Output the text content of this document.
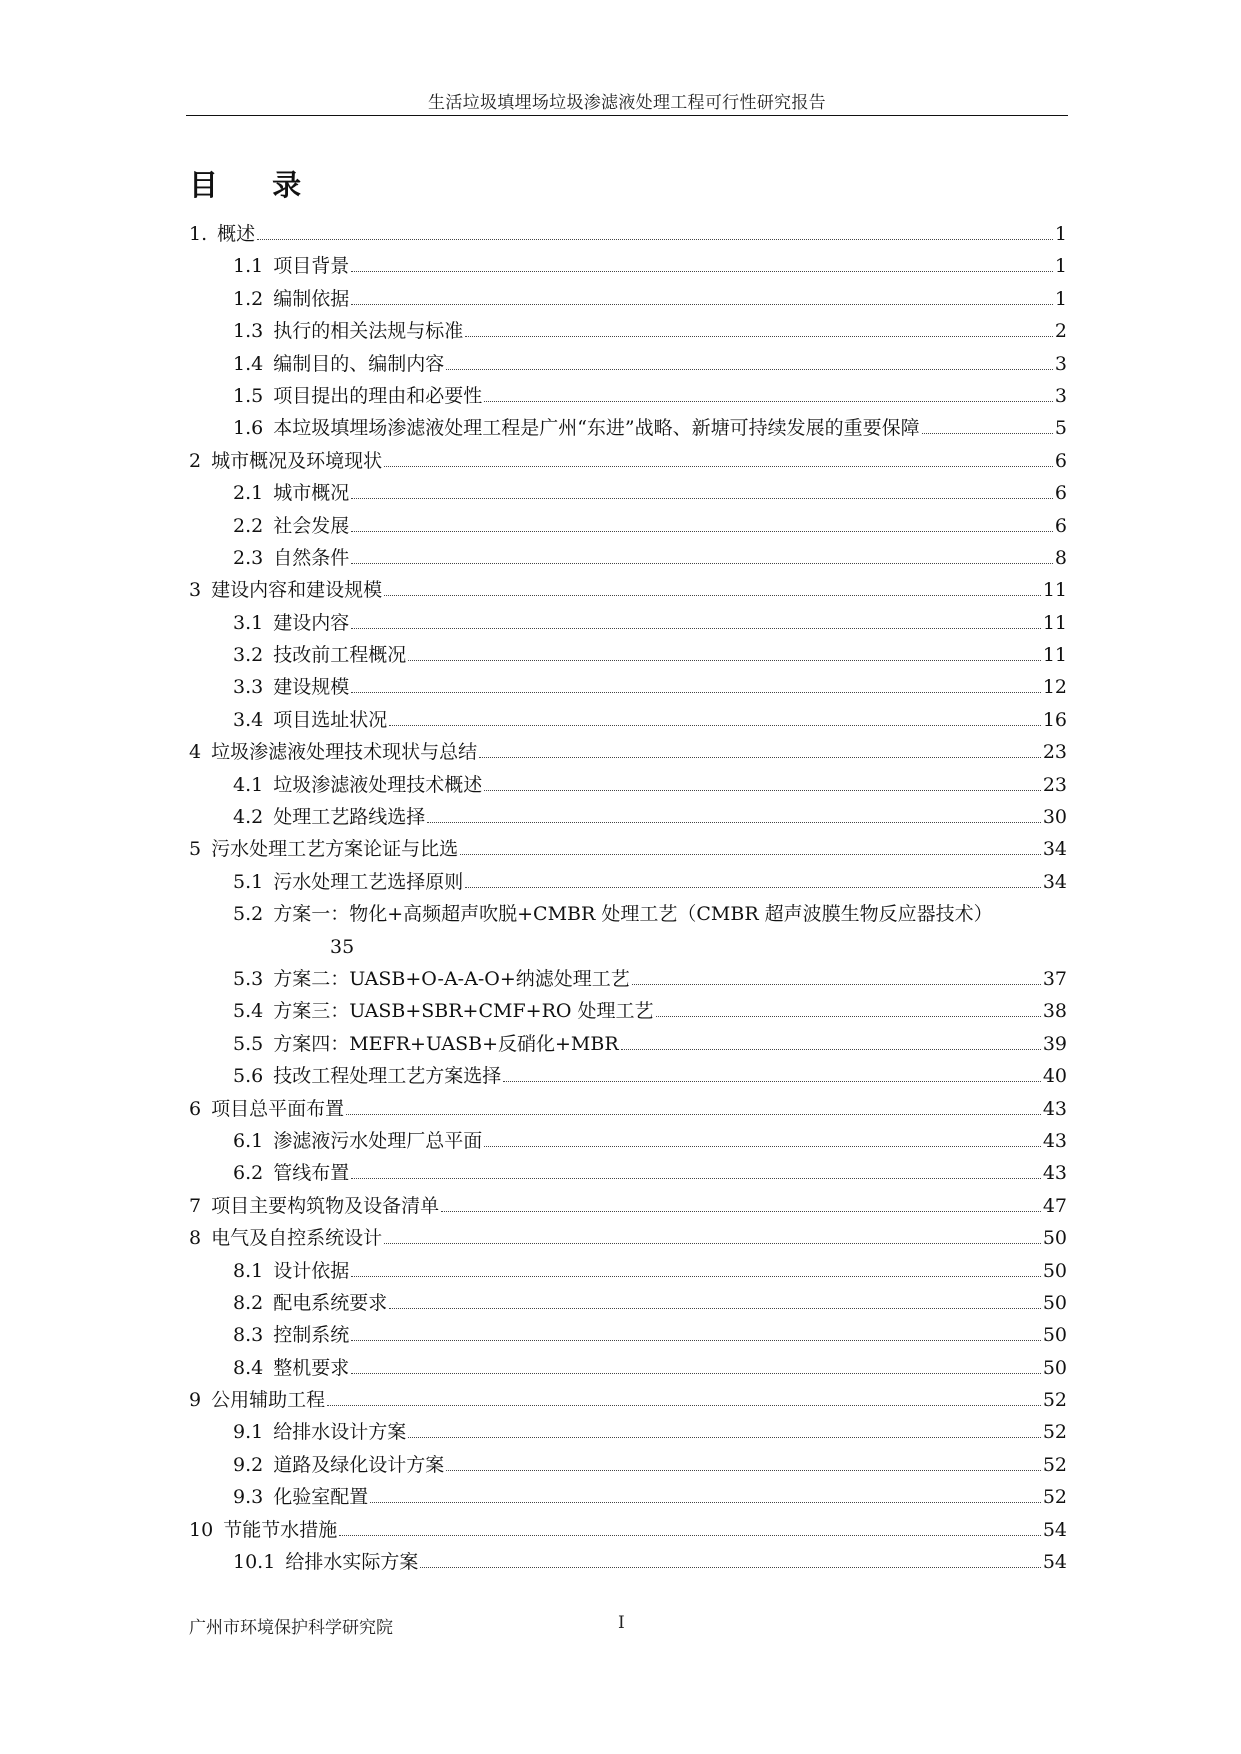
生活垃圾填埋场垃圾渗滤液处理工程可行性研究报告
目 录
1. 概述	1
1.1 项目背景	1
1.2 编制依据	1
1.3 执行的相关法规与标准	2
1.4 编制目的、编制内容	3
1.5 项目提出的理由和必要性	3
1.6 本垃圾填埋场渗滤液处理工程是广州“东进”战略、新塘可持续发展的重要保障	5
2 城市概况及环境现状	6
2.1 城市概况	6
2.2 社会发展	6
2.3 自然条件	8
3 建设内容和建设规模	11
3.1 建设内容	11
3.2 技改前工程概况	11
3.3 建设规模	12
3.4 项目选址状况	16
4 垃圾渗滤液处理技术现状与总结	23
4.1 垃圾渗滤液处理技术概述	23
4.2 处理工艺路线选择	30
5 污水处理工艺方案论证与比选	34
5.1 污水处理工艺选择原则	34
5.2 方案一：物化+高频超声吹脱+CMBR 处理工艺（CMBR 超声波膜生物反应器技术）
35
5.3 方案二：UASB+O-A-A-O+纳滤处理工艺	37
5.4 方案三：UASB+SBR+CMF+RO 处理工艺	38
5.5 方案四：MEFR+UASB+反硝化+MBR	39
5.6 技改工程处理工艺方案选择	40
6 项目总平面布置	43
6.1 渗滤液污水处理厂总平面	43
6.2 管线布置	43
7 项目主要构筑物及设备清单	47
8 电气及自控系统设计	50
8.1 设计依据	50
8.2 配电系统要求	50
8.3 控制系统	50
8.4 整机要求	50
9 公用辅助工程	52
9.1 给排水设计方案	52
9.2 道路及绿化设计方案	52
9.3 化验室配置	52
10 节能节水措施	54
10.1 给排水实际方案	54
广州市环境保护科学研究院	I
